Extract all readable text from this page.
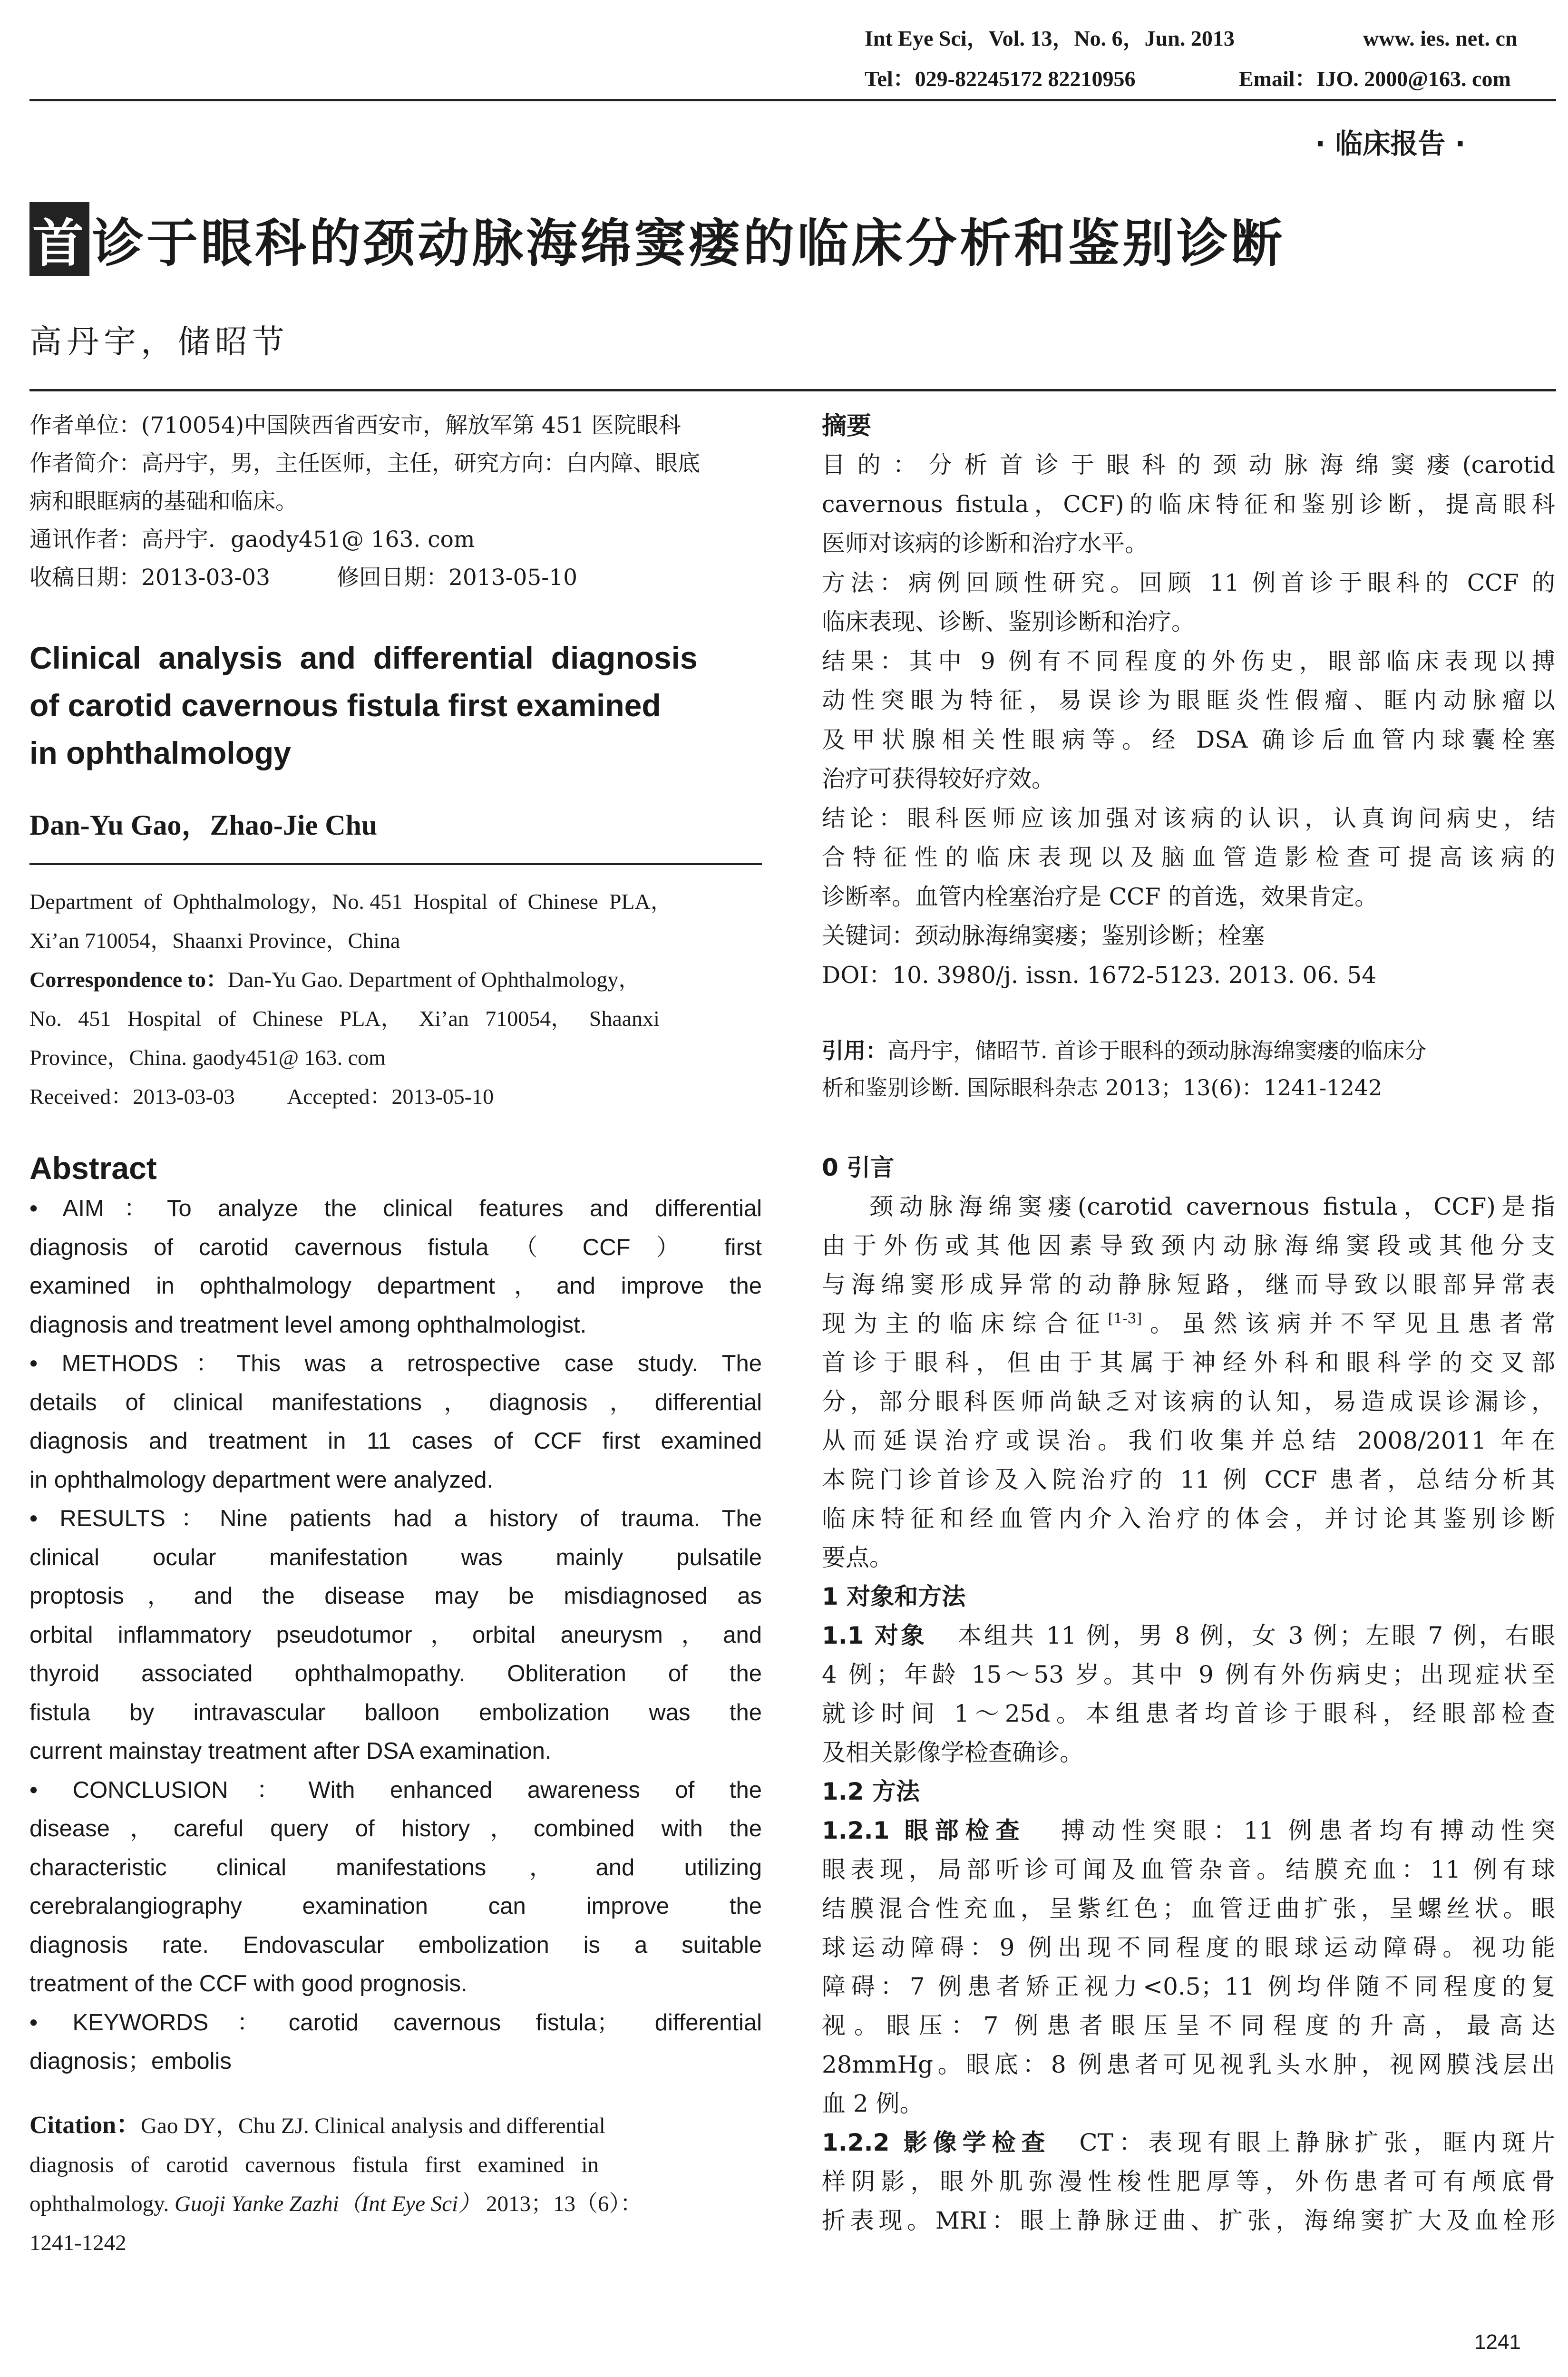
Int Eye Sci，Vol. 13，No. 6，Jun. 2013	www. ies. net. cn
Tel：029-82245172 82210956	Email：IJO. 2000@163. com
· 临床报告 ·
首 诊于眼科的颈动脉海绵窦瘘的临床分析和鉴别诊断
高丹宇，储昭节
作者单位：(710054)中国陕西省西安市，解放军第 451 医院眼科
作者简介：高丹宇，男，主任医师，主任，研究方向：白内障、眼底
病和眼眶病的基础和临床。
通讯作者：高丹宇．gaody451@ 163. com
收稿日期：2013-03-03	修回日期：2013-05-10
Clinical  analysis  and  differential  diagnosis
of carotid cavernous fistula first examined
in ophthalmology
Dan-Yu Gao，Zhao-Jie Chu
Department  of  Ophthalmology，No. 451  Hospital  of  Chinese  PLA，
Xi’an 710054，Shaanxi Province，China
Correspondence to：Dan-Yu Gao. Department of Ophthalmology，
No.   451   Hospital   of   Chinese   PLA，   Xi’an   710054，   Shaanxi
Province，China. gaody451@ 163. com
Received：2013-03-03 Accepted：2013-05-10
Abstract
• AIM：To analyze the clinical features and differential
diagnosis of carotid cavernous fistula （ CCF ） first
examined in ophthalmology department，and improve the
diagnosis and treatment level among ophthalmologist.
• METHODS：This was a retrospective case study. The
details of clinical manifestations，diagnosis，differential
diagnosis and treatment in 11 cases of CCF first examined
in ophthalmology department were analyzed.
• RESULTS：Nine patients had a history of trauma. The
clinical ocular manifestation was mainly pulsatile
proptosis，and the disease may be misdiagnosed as
orbital inflammatory pseudotumor，orbital aneurysm，and
thyroid associated ophthalmopathy. Obliteration of the
fistula by intravascular balloon embolization was the
current mainstay treatment after DSA examination.
• CONCLUSION：With enhanced awareness of the
disease，careful query of history，combined with the
characteristic clinical manifestations，and utilizing
cerebralangiography examination can improve the
diagnosis rate. Endovascular embolization is a suitable
treatment of the CCF with good prognosis.
• KEYWORDS：carotid cavernous fistula； differential
diagnosis；embolis
Citation：Gao DY，Chu ZJ. Clinical analysis and differential
diagnosis   of   carotid   cavernous   fistula   first   examined   in
ophthalmology. Guoji Yanke Zazhi（Int Eye Sci） 2013；13（6）：
1241-1242
摘要
目的：分析首诊于眼科的颈动脉海绵窦瘘(carotid
cavernous fistula，CCF)的临床特征和鉴别诊断，提高眼科
医师对该病的诊断和治疗水平。
方法：病例回顾性研究。回顾 11 例首诊于眼科的 CCF 的
临床表现、诊断、鉴别诊断和治疗。
结果：其中 9 例有不同程度的外伤史，眼部临床表现以搏
动性突眼为特征，易误诊为眼眶炎性假瘤、眶内动脉瘤以
及甲状腺相关性眼病等。经 DSA 确诊后血管内球囊栓塞
治疗可获得较好疗效。
结论：眼科医师应该加强对该病的认识，认真询问病史，结
合特征性的临床表现以及脑血管造影检查可提高该病的
诊断率。血管内栓塞治疗是 CCF 的首选，效果肯定。
关键词：颈动脉海绵窦瘘；鉴别诊断；栓塞
DOI：10. 3980/j. issn. 1672-5123. 2013. 06. 54
引用：高丹宇，储昭节. 首诊于眼科的颈动脉海绵窦瘘的临床分
析和鉴别诊断. 国际眼科杂志 2013；13(6)：1241-1242
0 引言
颈动脉海绵窦瘘(carotid cavernous fistula，CCF)是指
由于外伤或其他因素导致颈内动脉海绵窦段或其他分支
与海绵窦形成异常的动静脉短路，继而导致以眼部异常表
现为主的临床综合征[1-3]。虽然该病并不罕见且患者常
首诊于眼科，但由于其属于神经外科和眼科学的交叉部
分，部分眼科医师尚缺乏对该病的认知，易造成误诊漏诊，
从而延误治疗或误治。我们收集并总结 2008/2011 年在
本院门诊首诊及入院治疗的 11 例 CCF 患者，总结分析其
临床特征和经血管内介入治疗的体会，并讨论其鉴别诊断
要点。
1 对象和方法
1.1 对象 本组共 11 例，男 8 例，女 3 例；左眼 7 例，右眼
4 例；年龄 15～53 岁。其中 9 例有外伤病史；出现症状至
就诊时间 1～25d。本组患者均首诊于眼科，经眼部检查
及相关影像学检查确诊。
1.2 方法
1.2.1 眼部检查 搏动性突眼：11 例患者均有搏动性突
眼表现，局部听诊可闻及血管杂音。结膜充血：11 例有球
结膜混合性充血，呈紫红色；血管迂曲扩张，呈螺丝状。眼
球运动障碍：9 例出现不同程度的眼球运动障碍。视功能
障碍：7 例患者矫正视力<0.5；11 例均伴随不同程度的复
视。眼压：7 例患者眼压呈不同程度的升高，最高达
28mmHg。眼底：8 例患者可见视乳头水肿，视网膜浅层出
血 2 例。
1.2.2 影像学检查 CT：表现有眼上静脉扩张，眶内斑片
样阴影，眼外肌弥漫性梭性肥厚等，外伤患者可有颅底骨
折表现。MRI：眼上静脉迂曲、扩张，海绵窦扩大及血栓形
1241
